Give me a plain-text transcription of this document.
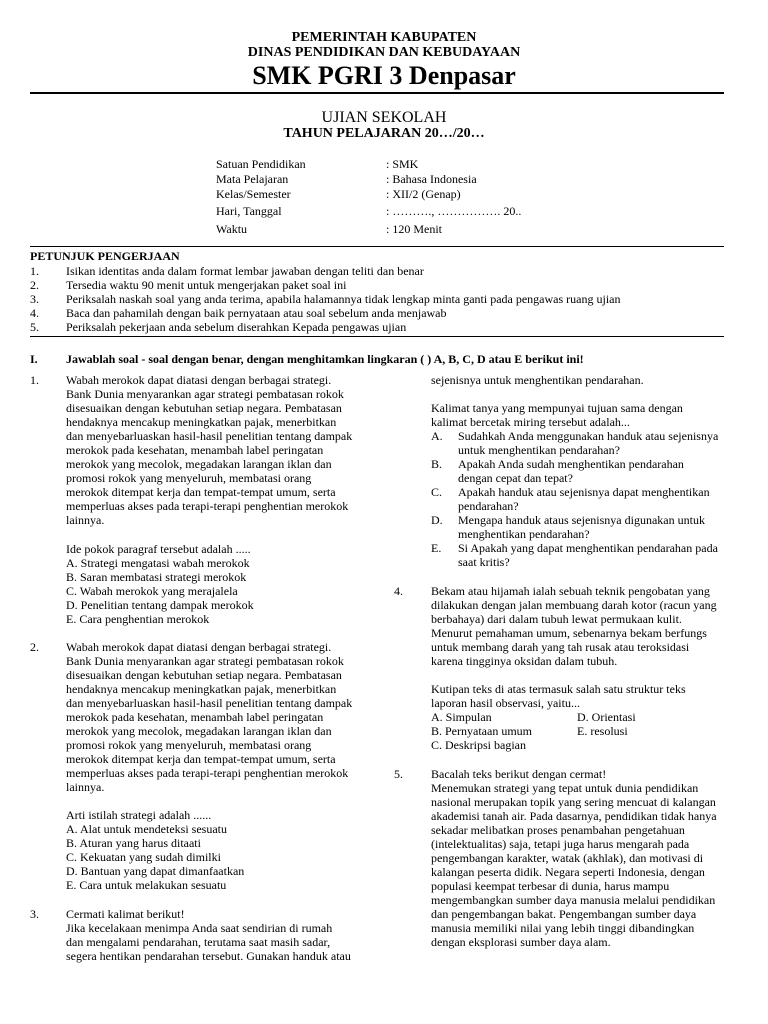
PEMERINTAH KABUPATEN
DINAS PENDIDIKAN DAN KEBUDAYAAN
SMK PGRI 3 Denpasar
UJIAN SEKOLAH
TAHUN PELAJARAN 20…/20…
Satuan Pendidikan	: SMK
Mata Pelajaran	: Bahasa Indonesia
Kelas/Semester	: XII/2 (Genap)
Hari, Tanggal	: ………., ……………. 20..
Waktu	: 120 Menit
PETUNJUK PENGERJAAN
1. Isikan identitas anda dalam format lembar jawaban dengan teliti dan benar
2. Tersedia waktu 90 menit untuk mengerjakan paket soal ini
3. Periksalah naskah soal yang anda terima, apabila halamannya tidak lengkap minta ganti pada pengawas ruang ujian
4. Baca dan pahamilah dengan baik pernyataan atau soal sebelum anda menjawab
5. Periksalah pekerjaan anda sebelum diserahkan Kepada pengawas ujian
I. Jawablah soal - soal dengan benar, dengan menghitamkan lingkaran ( ) A, B, C, D atau E berikut ini!
1. Wabah merokok dapat diatasi dengan berbagai strategi.
Bank Dunia menyarankan agar strategi pembatasan rokok
disesuaikan dengan kebutuhan setiap negara. Pembatasan
hendaknya mencakup meningkatkan pajak, menerbitkan
dan menyebarluaskan hasil-hasil penelitian tentang dampak
merokok pada kesehatan, menambah label peringatan
merokok yang mecolok, megadakan larangan iklan dan
promosi rokok yang menyeluruh, membatasi orang
merokok ditempat kerja dan tempat-tempat umum, serta
memperluas akses pada terapi-terapi penghentian merokok
lainnya.
Ide pokok paragraf tersebut adalah .....
A. Strategi mengatasi wabah merokok
B. Saran membatasi strategi merokok
C. Wabah merokok yang merajalela
D. Penelitian tentang dampak merokok
E. Cara penghentian merokok
2. Wabah merokok dapat diatasi dengan berbagai strategi.
Bank Dunia menyarankan agar strategi pembatasan rokok
disesuaikan dengan kebutuhan setiap negara. Pembatasan
hendaknya mencakup meningkatkan pajak, menerbitkan
dan menyebarluaskan hasil-hasil penelitian tentang dampak
merokok pada kesehatan, menambah label peringatan
merokok yang mecolok, megadakan larangan iklan dan
promosi rokok yang menyeluruh, membatasi orang
merokok ditempat kerja dan tempat-tempat umum, serta
memperluas akses pada terapi-terapi penghentian merokok
lainnya.
Arti istilah strategi adalah ......
A. Alat untuk mendeteksi sesuatu
B. Aturan yang harus ditaati
C. Kekuatan yang sudah dimilki
D. Bantuan yang dapat dimanfaatkan
E. Cara untuk melakukan sesuatu
3. Cermati kalimat berikut!
Jika kecelakaan menimpa Anda saat sendirian di rumah
dan mengalami pendarahan, terutama saat masih sadar,
segera hentikan pendarahan tersebut. Gunakan handuk atau
sejenisnya untuk menghentikan pendarahan.
Kalimat tanya yang mempunyai tujuan sama dengan
kalimat bercetak miring tersebut adalah...
A. Sudahkah Anda menggunakan handuk atau sejenisnya
untuk menghentikan pendarahan?
B. Apakah Anda sudah menghentikan pendarahan
dengan cepat dan tepat?
C. Apakah handuk atau sejenisnya dapat menghentikan
pendarahan?
D. Mengapa handuk ataus sejenisnya digunakan untuk
menghentikan pendarahan?
E. Si Apakah yang dapat menghentikan pendarahan pada
saat kritis?
4. Bekam atau hijamah ialah sebuah teknik pengobatan yang
dilakukan dengan jalan membuang darah kotor (racun yang
berbahaya) dari dalam tubuh lewat permukaan kulit.
Menurut pemahaman umum, sebenarnya bekam berfungs
untuk membang darah yang tah rusak atau teroksidasi
karena tingginya oksidan dalam tubuh.
Kutipan teks di atas termasuk salah satu struktur teks
laporan hasil observasi, yaitu...
A. Simpulan
B. Pernyataan umum
C. Deskripsi bagian
D. Orientasi
E. resolusi
5. Bacalah teks berikut dengan cermat!
Menemukan strategi yang tepat untuk dunia pendidikan
nasional merupakan topik yang sering mencuat di kalangan
akademisi tanah air. Pada dasarnya, pendidikan tidak hanya
sekadar melibatkan proses penambahan pengetahuan
(intelektualitas) saja, tetapi juga harus mengarah pada
pengembangan karakter, watak (akhlak), dan motivasi di
kalangan peserta didik. Negara seperti Indonesia, dengan
populasi keempat terbesar di dunia, harus mampu
mengembangkan sumber daya manusia melalui pendidikan
dan pengembangan bakat. Pengembangan sumber daya
manusia memiliki nilai yang lebih tinggi dibandingkan
dengan eksplorasi sumber daya alam.
